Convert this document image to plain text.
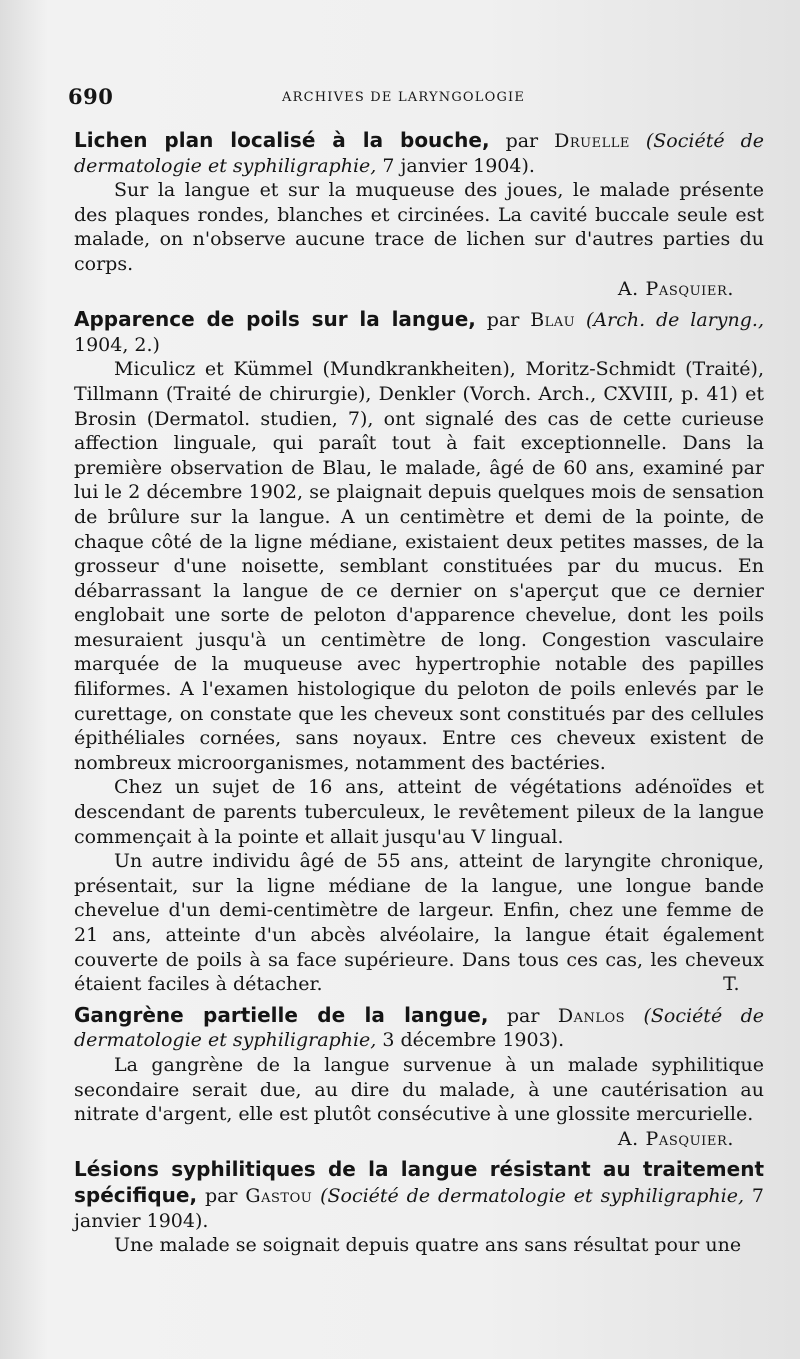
690	ARCHIVES DE LARYNGOLOGIE

Lichen plan localisé à la bouche, par Druelle (Société de dermatologie et syphiligraphie, 7 janvier 1904).

Sur la langue et sur la muqueuse des joues, le malade présente des plaques rondes, blanches et circinées. La cavité buccale seule est malade, on n'observe aucune trace de lichen sur d'autres parties du corps.

A. Pasquier.

Apparence de poils sur la langue, par Blau (Arch. de laryng., 1904, 2.)

Miculicz et Kümmel (Mundkrankheiten), Moritz-Schmidt (Traité), Tillmann (Traité de chirurgie), Denkler (Vorch. Arch., CXVIII, p. 41) et Brosin (Dermatol. studien, 7), ont signalé des cas de cette curieuse affection linguale, qui paraît tout à fait exceptionnelle. Dans la première observation de Blau, le malade, âgé de 60 ans, examiné par lui le 2 décembre 1902, se plaignait depuis quelques mois de sensation de brûlure sur la langue. A un centimètre et demi de la pointe, de chaque côté de la ligne médiane, existaient deux petites masses, de la grosseur d'une noisette, semblant constituées par du mucus. En débarrassant la langue de ce dernier on s'aperçut que ce dernier englobait une sorte de peloton d'apparence chevelue, dont les poils mesuraient jusqu'à un centimètre de long. Congestion vasculaire marquée de la muqueuse avec hypertrophie notable des papilles filiformes. A l'examen histologique du peloton de poils enlevés par le curettage, on constate que les cheveux sont constitués par des cellules épithéliales cornées, sans noyaux. Entre ces cheveux existent de nombreux microorganismes, notamment des bactéries.

Chez un sujet de 16 ans, atteint de végétations adénoïdes et descendant de parents tuberculeux, le revêtement pileux de la langue commençait à la pointe et allait jusqu'au V lingual.

Un autre individu âgé de 55 ans, atteint de laryngite chronique, présentait, sur la ligne médiane de la langue, une longue bande chevelue d'un demi-centimètre de largeur. Enfin, chez une femme de 21 ans, atteinte d'un abcès alvéolaire, la langue était également couverte de poils à sa face supérieure. Dans tous ces cas, les cheveux étaient faciles à détacher.	T.

Gangrène partielle de la langue, par Danlos (Société de dermatologie et syphiligraphie, 3 décembre 1903).

La gangrène de la langue survenue à un malade syphilitique secondaire serait due, au dire du malade, à une cautérisation au nitrate d'argent, elle est plutôt consécutive à une glossite mercurielle.

A. Pasquier.

Lésions syphilitiques de la langue résistant au traitement spécifique, par Gastou (Société de dermatologie et syphiligraphie, 7 janvier 1904).

Une malade se soignait depuis quatre ans sans résultat pour une
